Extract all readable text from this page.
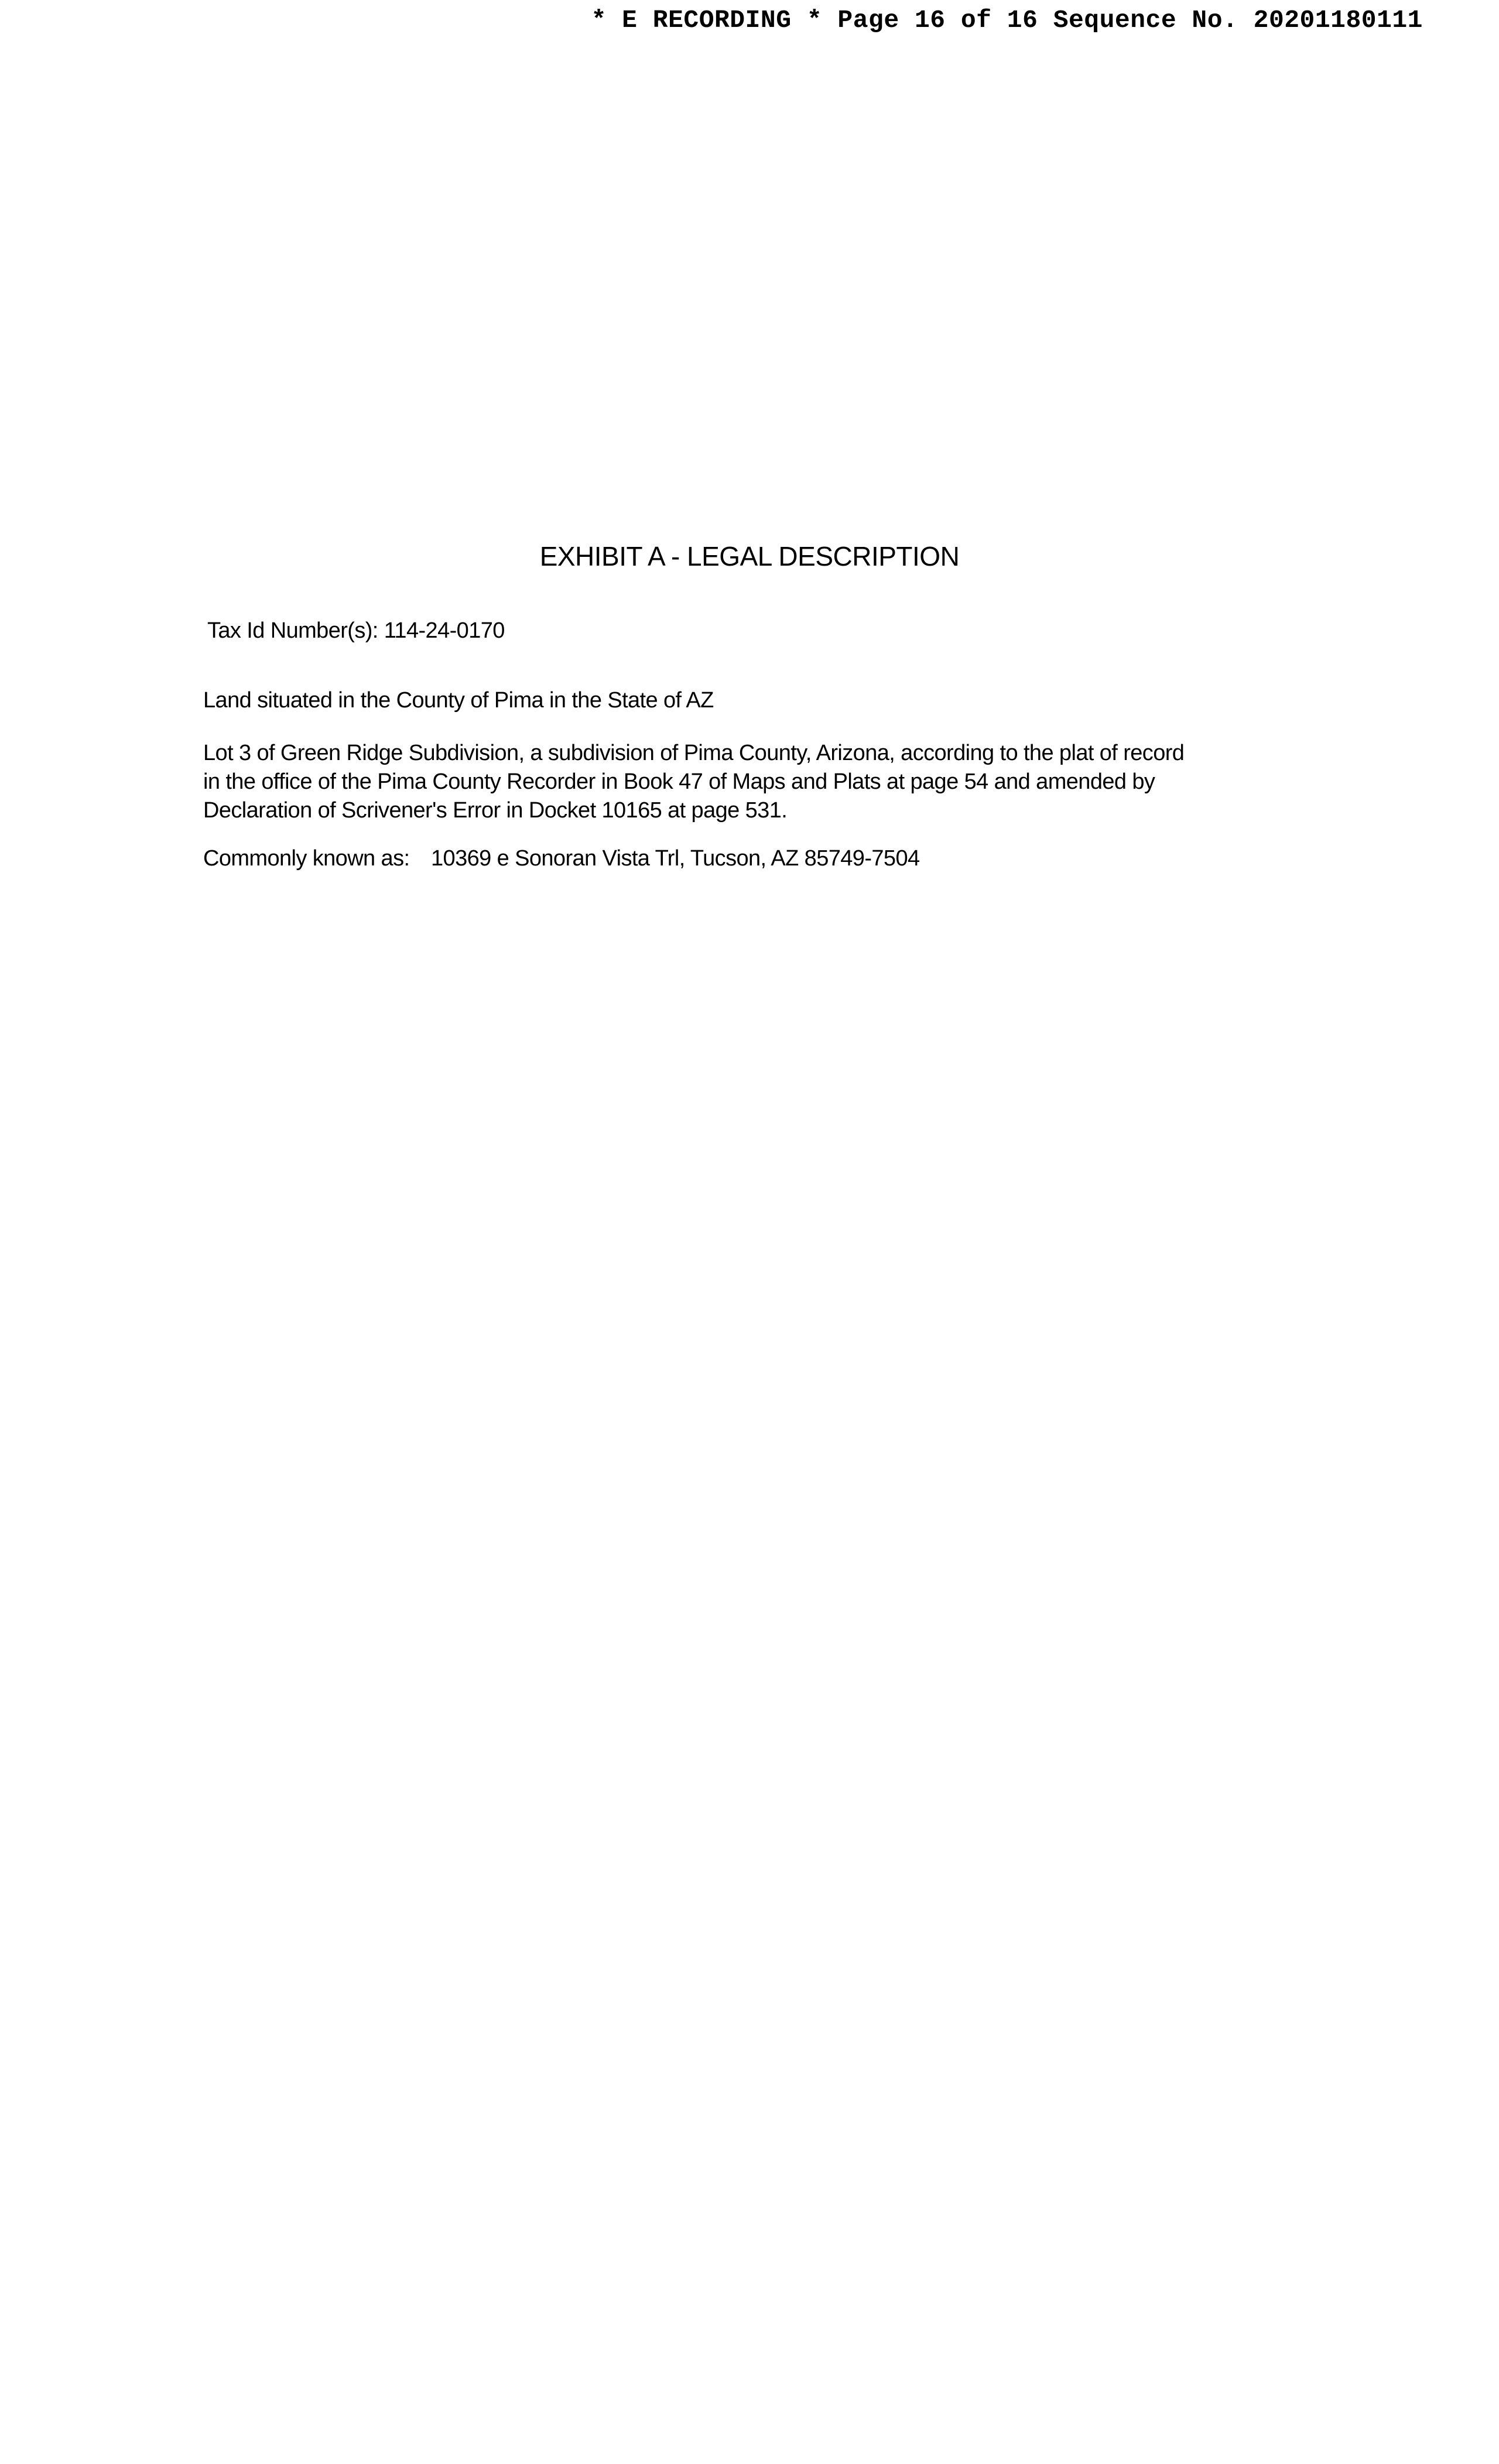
* E RECORDING * Page 16 of 16 Sequence No. 20201180111
EXHIBIT A - LEGAL DESCRIPTION
Tax Id Number(s): 114-24-0170
Land situated in the County of Pima in the State of AZ
Lot 3 of Green Ridge Subdivision, a subdivision of Pima County, Arizona, according to the plat of record
in the office of the Pima County Recorder in Book 47 of Maps and Plats at page 54 and amended by
Declaration of Scrivener's Error in Docket 10165 at page 531.
Commonly known as: 10369 e Sonoran Vista Trl, Tucson, AZ 85749-7504
